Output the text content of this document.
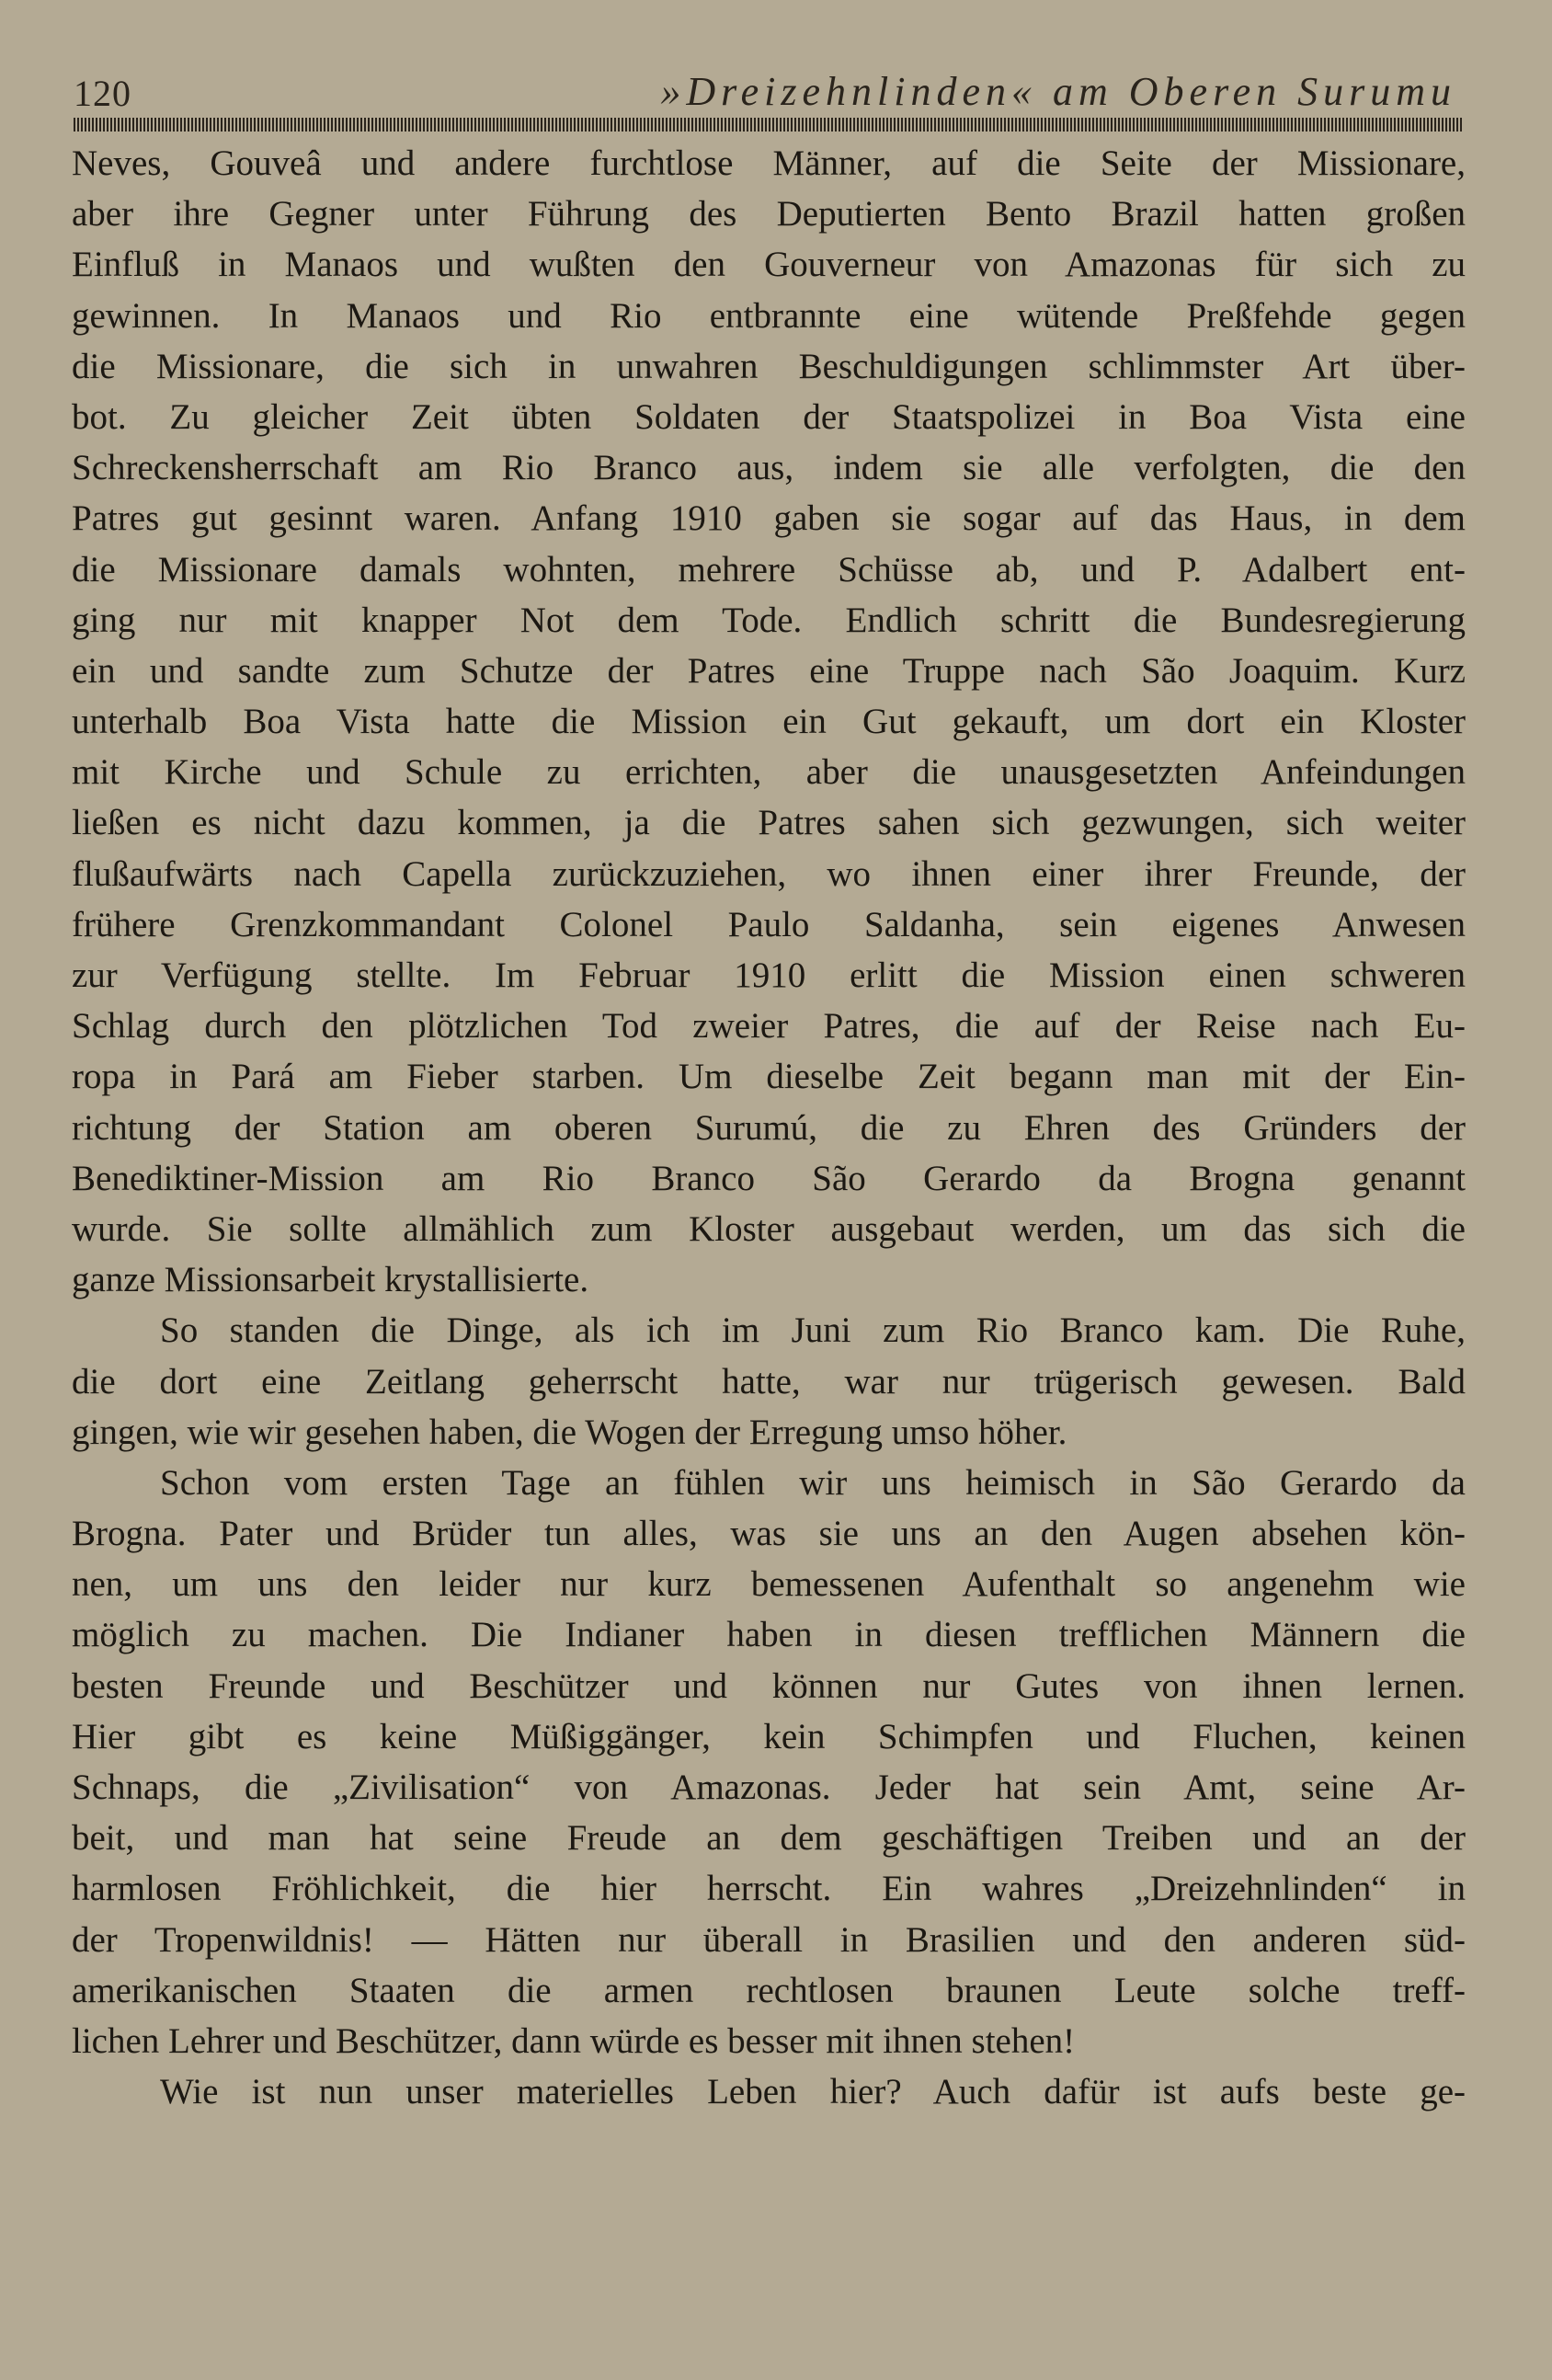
120	»Dreizehnlinden« am Oberen Surumu
Neves, Gouveâ und andere furchtlose Männer, auf die Seite der Missionare,
aber ihre Gegner unter Führung des Deputierten Bento Brazil hatten großen
Einfluß in Manaos und wußten den Gouverneur von Amazonas für sich zu
gewinnen. In Manaos und Rio entbrannte eine wütende Preßfehde gegen
die Missionare, die sich in unwahren Beschuldigungen schlimmster Art über-
bot. Zu gleicher Zeit übten Soldaten der Staatspolizei in Boa Vista eine
Schreckensherrschaft am Rio Branco aus, indem sie alle verfolgten, die den
Patres gut gesinnt waren. Anfang 1910 gaben sie sogar auf das Haus, in dem
die Missionare damals wohnten, mehrere Schüsse ab, und P. Adalbert ent-
ging nur mit knapper Not dem Tode. Endlich schritt die Bundesregierung
ein und sandte zum Schutze der Patres eine Truppe nach São Joaquim. Kurz
unterhalb Boa Vista hatte die Mission ein Gut gekauft, um dort ein Kloster
mit Kirche und Schule zu errichten, aber die unausgesetzten Anfeindungen
ließen es nicht dazu kommen, ja die Patres sahen sich gezwungen, sich weiter
flußaufwärts nach Capella zurückzuziehen, wo ihnen einer ihrer Freunde, der
frühere Grenzkommandant Colonel Paulo Saldanha, sein eigenes Anwesen
zur Verfügung stellte. Im Februar 1910 erlitt die Mission einen schweren
Schlag durch den plötzlichen Tod zweier Patres, die auf der Reise nach Eu-
ropa in Pará am Fieber starben. Um dieselbe Zeit begann man mit der Ein-
richtung der Station am oberen Surumú, die zu Ehren des Gründers der
Benediktiner-Mission am Rio Branco São Gerardo da Brogna genannt
wurde. Sie sollte allmählich zum Kloster ausgebaut werden, um das sich die
ganze Missionsarbeit krystallisierte.
So standen die Dinge, als ich im Juni zum Rio Branco kam. Die Ruhe,
die dort eine Zeitlang geherrscht hatte, war nur trügerisch gewesen. Bald
gingen, wie wir gesehen haben, die Wogen der Erregung umso höher.
Schon vom ersten Tage an fühlen wir uns heimisch in São Gerardo da
Brogna. Pater und Brüder tun alles, was sie uns an den Augen absehen kön-
nen, um uns den leider nur kurz bemessenen Aufenthalt so angenehm wie
möglich zu machen. Die Indianer haben in diesen trefflichen Männern die
besten Freunde und Beschützer und können nur Gutes von ihnen lernen.
Hier gibt es keine Müßiggänger, kein Schimpfen und Fluchen, keinen
Schnaps, die „Zivilisation“ von Amazonas. Jeder hat sein Amt, seine Ar-
beit, und man hat seine Freude an dem geschäftigen Treiben und an der
harmlosen Fröhlichkeit, die hier herrscht. Ein wahres „Dreizehnlinden“ in
der Tropenwildnis! — Hätten nur überall in Brasilien und den anderen süd-
amerikanischen Staaten die armen rechtlosen braunen Leute solche treff-
lichen Lehrer und Beschützer, dann würde es besser mit ihnen stehen!
Wie ist nun unser materielles Leben hier? Auch dafür ist aufs beste ge-
